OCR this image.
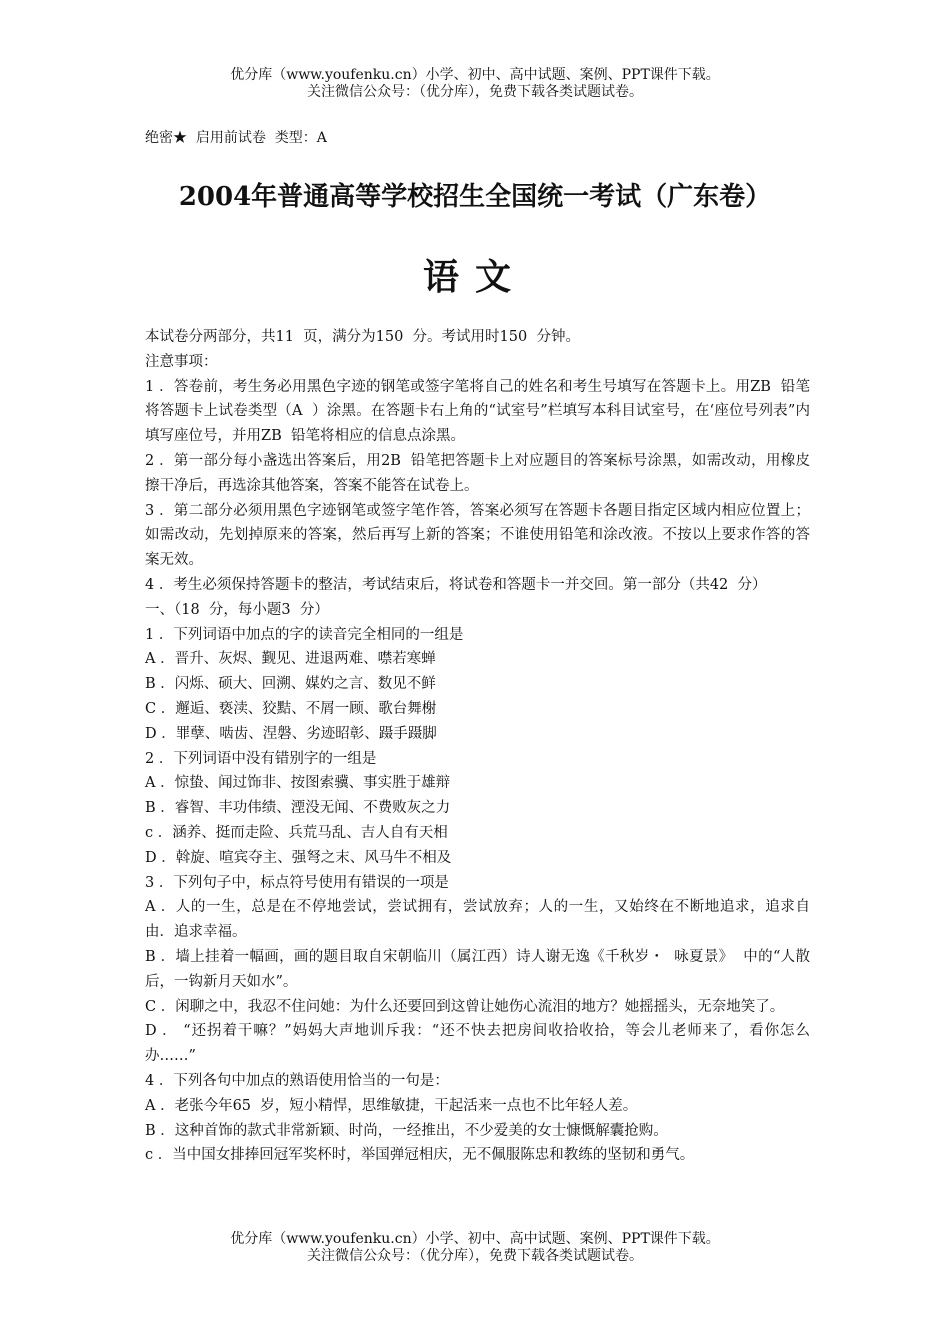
优分库（www.youfenku.cn）小学、初中、高中试题、案例、PPT课件下载。
关注微信公众号：（优分库），免费下载各类试题试卷。
绝密★  启用前试卷  类型：A
2004年普通高等学校招生全国统一考试（广东卷）
语文

本试卷分两部分，共11  页，满分为150  分。考试用时150  分钟。

注意事项：

1 ．答卷前，考生务必用黑色字迹的钢笔或签字笔将自己的姓名和考生号填写在答题卡上。用ZB  铅笔将答题卡上试卷类型（A  ）涂黑。在答题卡右上角的“试室号”栏填写本科目试室号，在‘座位号列表”内填写座位号，并用ZB  铅笔将相应的信息点涂黑。

2 ．第一部分每小盏选出答案后，用2B  铅笔把答题卡上对应题目的答案标号涂黑，如需改动，用橡皮擦干净后，再选涂其他答案，答案不能答在试卷上。

3 ．第二部分必须用黑色字迹钢笔或签字笔作答，答案必须写在答题卡各题目指定区域内相应位置上；如需改动，先划掉原来的答案，然后再写上新的答案；不谁使用铅笔和涂改液。不按以上要求作答的答案无效。

4 ．考生必须保持答题卡的整洁，考试结束后，将试卷和答题卡一并交回。第一部分（共42  分）

一、（18  分，每小题3  分）

1 ．下列词语中加点的字的读音完全相同的一组是

A ．晋升、灰烬、觐见、进退两难、噤若寒蝉

B ．闪烁、硕大、回溯、媒妁之言、数见不鲜

C ．邂逅、亵渎、狡黠、不屑一顾、歌台舞榭

D ．罪孽、啮齿、涅磐、劣迹昭彰、蹑手蹑脚

2 ．下列词语中没有错别字的一组是

A ．惊蛰、闻过饰非、按图索骥、事实胜于雄辩

B ．睿智、丰功伟绩、湮没无闻、不费败灰之力

c ．涵养、挺而走险、兵荒马乱、吉人自有天相

D ．斡旋、喧宾夺主、强弩之末、风马牛不相及

3 ．下列句子中，标点符号使用有错误的一项是

A ．人的一生，总是在不停地尝试，尝试拥有，尝试放弃；人的一生，又始终在不断地追求，追求自由．追求幸福。

B ．墙上挂着一幅画，画的题目取自宋朝临川（属江西）诗人谢无逸《千秋岁・  咏夏景》  中的“人散后，一钩新月天如水”。

C ．闲聊之中，我忍不住问她：为什么还要回到这曾让她伤心流泪的地方？她摇摇头，无奈地笑了。

D ． “还拐着干嘛？”妈妈大声地训斥我：“还不快去把房间收拾收拾，等会儿老师来了，看你怎么办……”

4 ．下列各句中加点的熟语使用恰当的一句是：

A ．老张今年65  岁，短小精悍，思维敏捷，干起活来一点也不比年轻人差。

B ．这种首饰的款式非常新颖、时尚，一经推出，不少爱美的女士慷慨解囊抢购。

c ．当中国女排捧回冠军奖杯时，举国弹冠相庆，无不佩服陈忠和教练的坚韧和勇气。

优分库（www.youfenku.cn）小学、初中、高中试题、案例、PPT课件下载。
关注微信公众号：（优分库），免费下载各类试题试卷。
